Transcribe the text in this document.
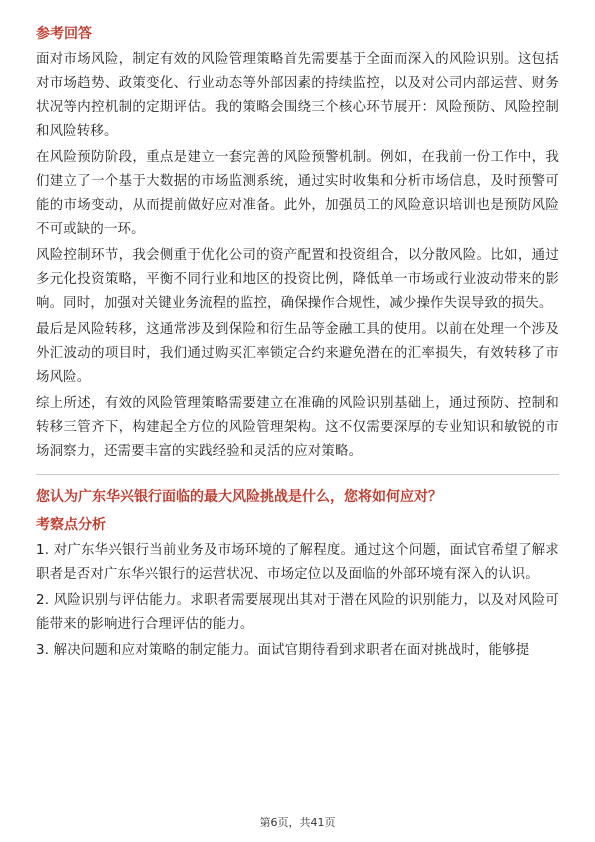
参考回答

面对市场风险，制定有效的风险管理策略首先需要基于全面而深入的风险识别。这包括对市场趋势、政策变化、行业动态等外部因素的持续监控，以及对公司内部运营、财务状况等内控机制的定期评估。我的策略会围绕三个核心环节展开：风险预防、风险控制和风险转移。

在风险预防阶段，重点是建立一套完善的风险预警机制。例如，在我前一份工作中，我们建立了一个基于大数据的市场监测系统，通过实时收集和分析市场信息，及时预警可能的市场变动，从而提前做好应对准备。此外，加强员工的风险意识培训也是预防风险不可或缺的一环。

风险控制环节，我会侧重于优化公司的资产配置和投资组合，以分散风险。比如，通过多元化投资策略，平衡不同行业和地区的投资比例，降低单一市场或行业波动带来的影响。同时，加强对关键业务流程的监控，确保操作合规性，减少操作失误导致的损失。

最后是风险转移，这通常涉及到保险和衍生品等金融工具的使用。以前在处理一个涉及外汇波动的项目时，我们通过购买汇率锁定合约来避免潜在的汇率损失，有效转移了市场风险。

综上所述，有效的风险管理策略需要建立在准确的风险识别基础上，通过预防、控制和转移三管齐下，构建起全方位的风险管理架构。这不仅需要深厚的专业知识和敏锐的市场洞察力，还需要丰富的实践经验和灵活的应对策略。

您认为广东华兴银行面临的最大风险挑战是什么，您将如何应对？
考察点分析

1. 对广东华兴银行当前业务及市场环境的了解程度。通过这个问题，面试官希望了解求职者是否对广东华兴银行的运营状况、市场定位以及面临的外部环境有深入的认识。

2. 风险识别与评估能力。求职者需要展现出其对于潜在风险的识别能力，以及对风险可能带来的影响进行合理评估的能力。

3. 解决问题和应对策略的制定能力。面试官期待看到求职者在面对挑战时，能够提

第6页，共41页
